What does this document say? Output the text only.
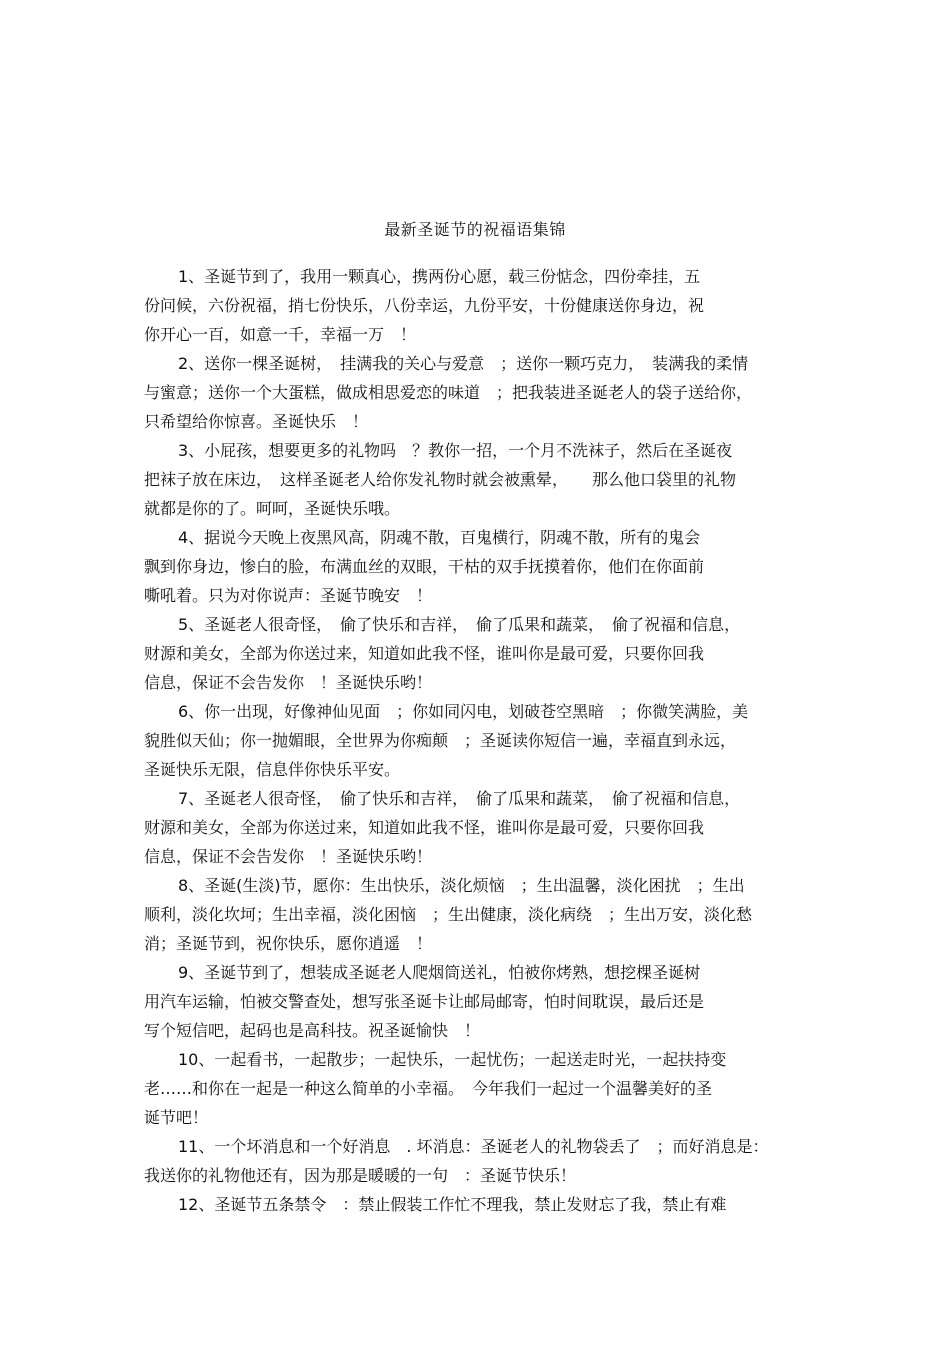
最新圣诞节的祝福语集锦
1、圣诞节到了，我用一颗真心，携两份心愿，载三份惦念，四份牵挂，五
份问候，六份祝福，捎七份快乐，八份幸运，九份平安，十份健康送你身边，祝
你开心一百，如意一千，幸福一万　！
2、送你一棵圣诞树，　挂满我的关心与爱意　；送你一颗巧克力，　装满我的柔情
与蜜意；送你一个大蛋糕，做成相思爱恋的味道　；把我装进圣诞老人的袋子送给你，
只希望给你惊喜。圣诞快乐　！
3、小屁孩，想要更多的礼物吗　？教你一招，一个月不洗袜子，然后在圣诞夜
把袜子放在床边，　这样圣诞老人给你发礼物时就会被熏晕，　　那么他口袋里的礼物
就都是你的了。呵呵，圣诞快乐哦。
4、据说今天晚上夜黑风高，阴魂不散，百鬼横行，阴魂不散，所有的鬼会
飘到你身边，惨白的脸，布满血丝的双眼，干枯的双手抚摸着你，他们在你面前
嘶吼着。只为对你说声：圣诞节晚安　！
5、圣诞老人很奇怪，　偷了快乐和吉祥，　偷了瓜果和蔬菜，　偷了祝福和信息，
财源和美女，全部为你送过来，知道如此我不怪，谁叫你是最可爱，只要你回我
信息，保证不会告发你　！圣诞快乐哟！
6、你一出现，好像神仙见面　；你如同闪电，划破苍空黑暗　；你微笑满脸，美
貌胜似天仙；你一抛媚眼，全世界为你痴颠　；圣诞读你短信一遍，幸福直到永远，
圣诞快乐无限，信息伴你快乐平安。
7、圣诞老人很奇怪，　偷了快乐和吉祥，　偷了瓜果和蔬菜，　偷了祝福和信息，
财源和美女，全部为你送过来，知道如此我不怪，谁叫你是最可爱，只要你回我
信息，保证不会告发你　！圣诞快乐哟！
8、圣诞(生淡)节，愿你：生出快乐，淡化烦恼　；生出温馨，淡化困扰　；生出
顺利，淡化坎坷；生出幸福，淡化困恼　；生出健康，淡化病绕　；生出万安，淡化愁
消；圣诞节到，祝你快乐，愿你逍遥　！
9、圣诞节到了，想装成圣诞老人爬烟筒送礼，怕被你烤熟，想挖棵圣诞树
用汽车运输，怕被交警查处，想写张圣诞卡让邮局邮寄，怕时间耽误，最后还是
写个短信吧，起码也是高科技。祝圣诞愉快　！
10、一起看书，一起散步；一起快乐，一起忧伤；一起送走时光，一起扶持变
老……和你在一起是一种这么简单的小幸福。　今年我们一起过一个温馨美好的圣
诞节吧！
11、一个坏消息和一个好消息　. 坏消息：圣诞老人的礼物袋丢了　；而好消息是：
我送你的礼物他还有，因为那是暖暖的一句　：圣诞节快乐！
12、圣诞节五条禁令　：禁止假装工作忙不理我，禁止发财忘了我，禁止有难
